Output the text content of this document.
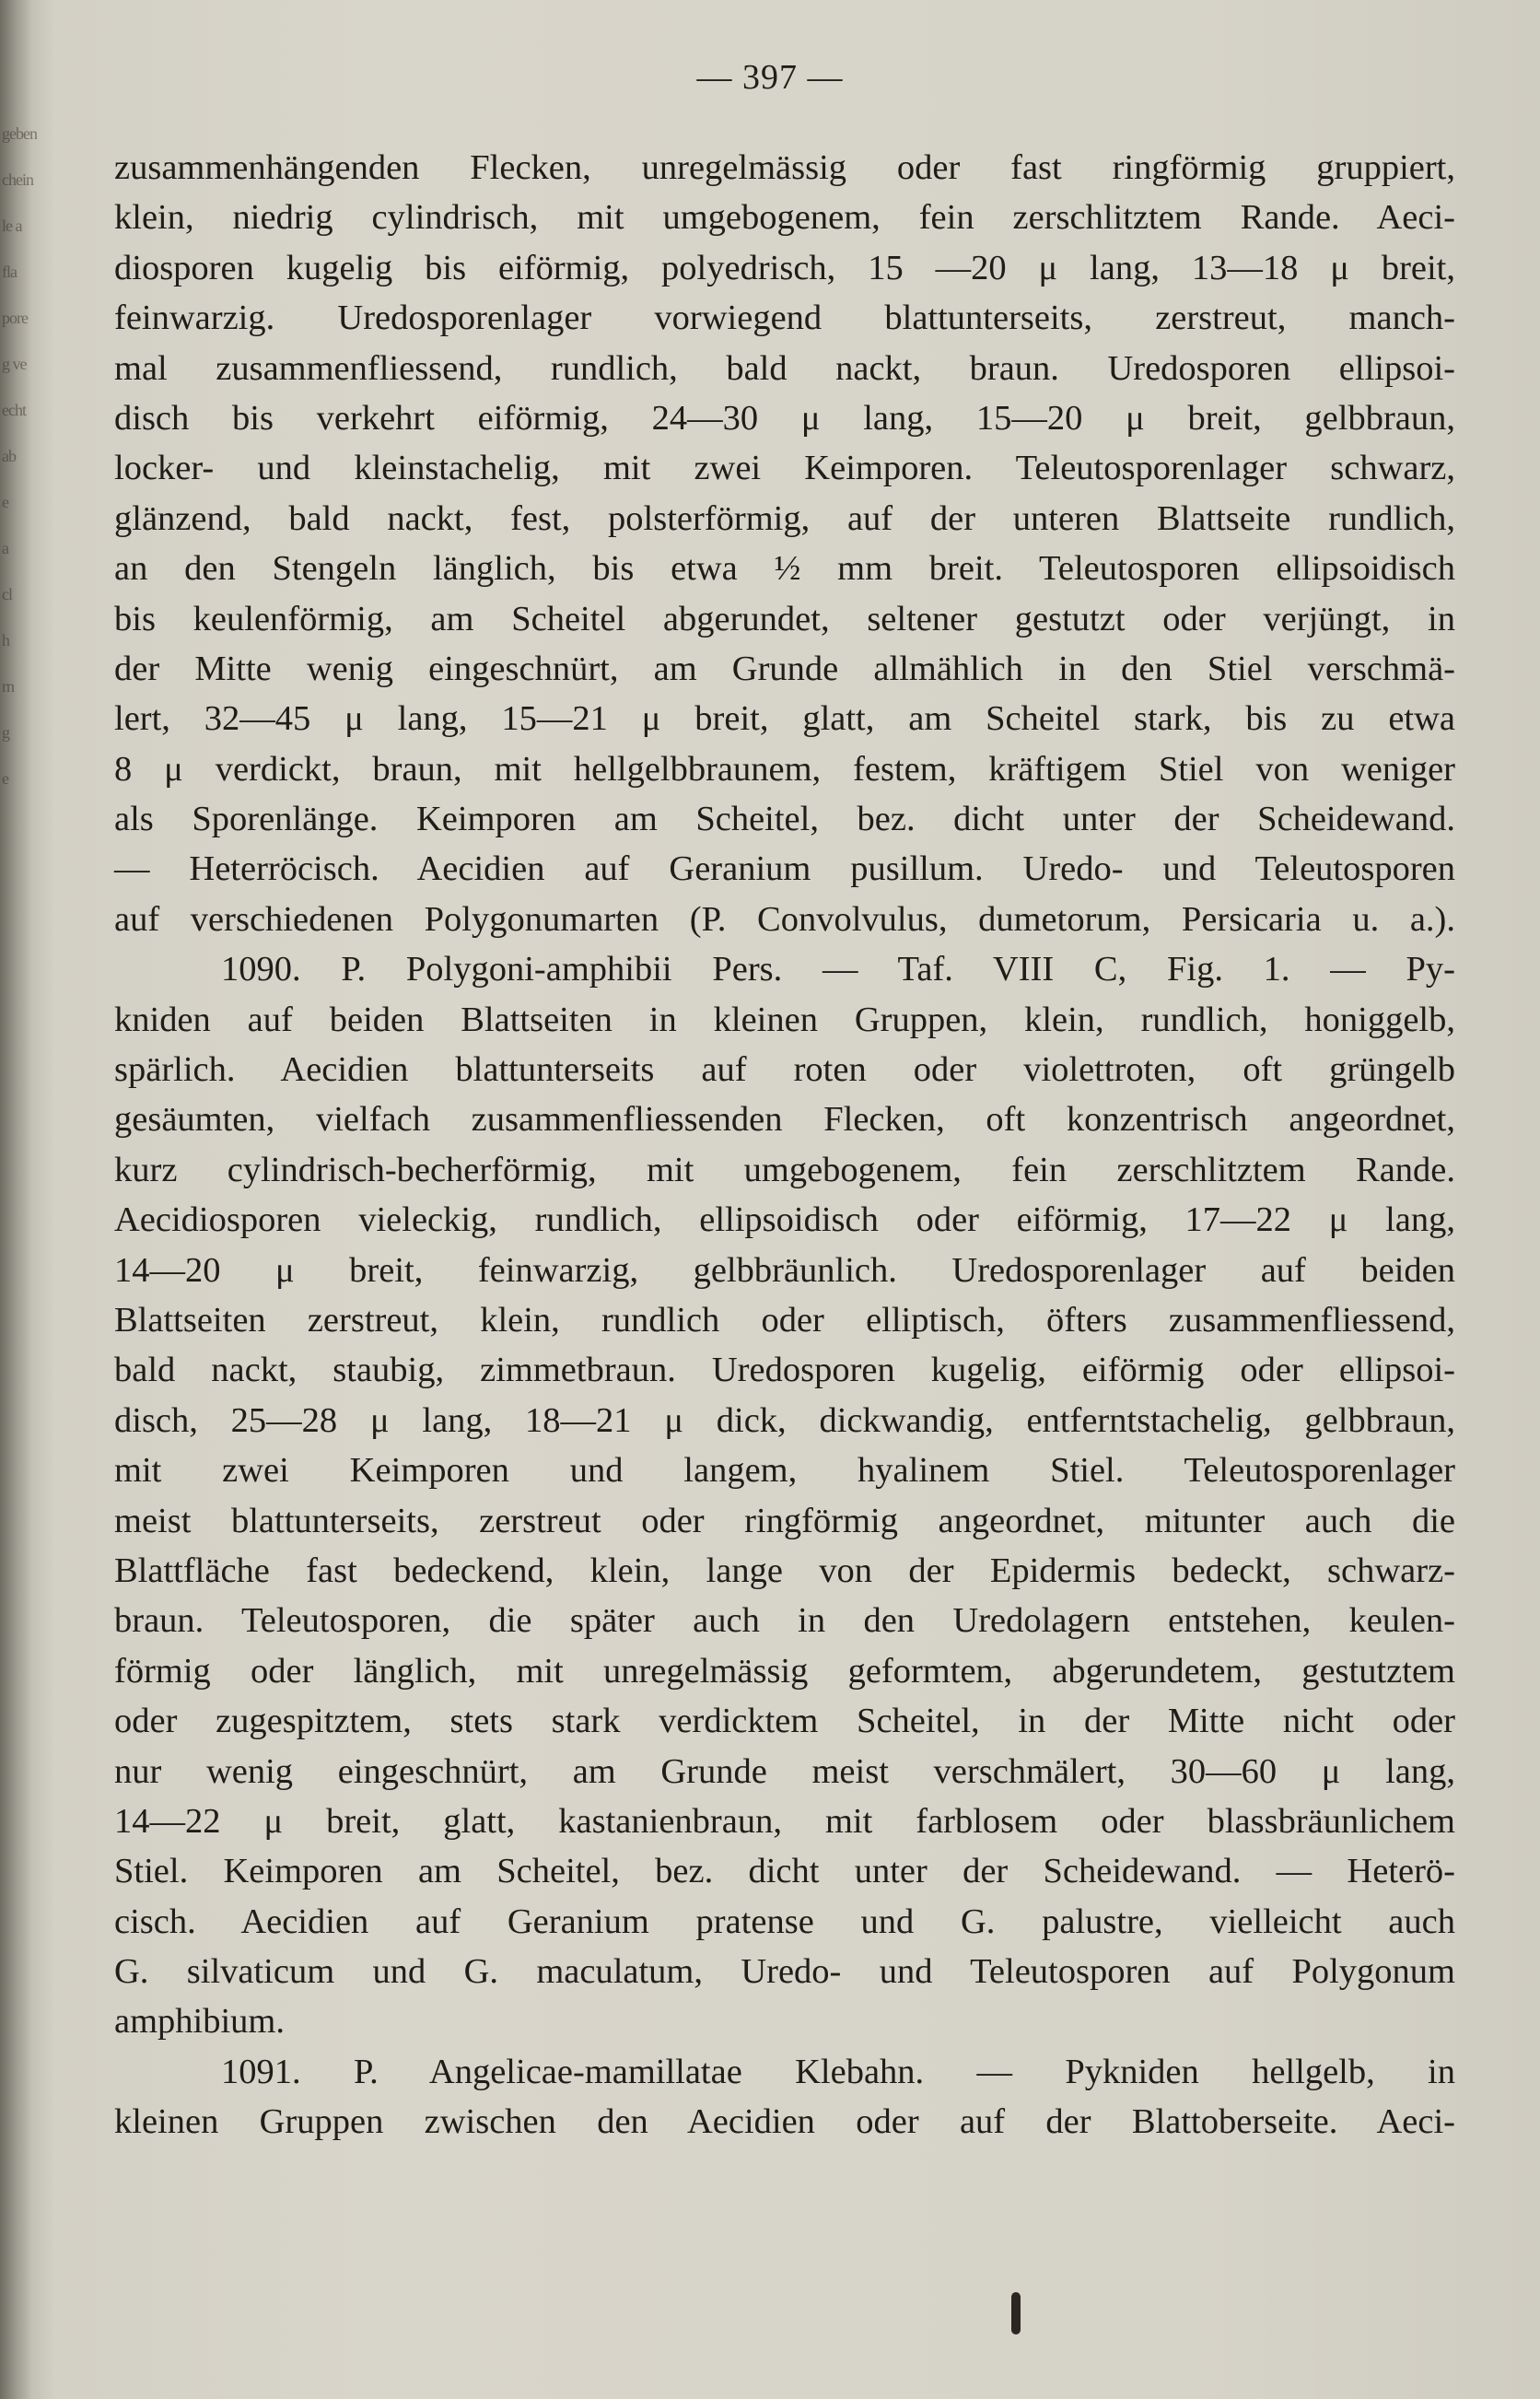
geben
chein
le a
fla
pore
g ve
echt
ab
e
a
cl
h
rn
g
e
— 397 —
zusammenhängenden Flecken, unregelmässig oder fast ringförmig gruppiert,
klein, niedrig cylindrisch, mit umgebogenem, fein zerschlitztem Rande. Aeci-
diosporen kugelig bis eiförmig, polyedrisch, 15 —20 μ lang, 13—18 μ breit,
feinwarzig. Uredosporenlager vorwiegend blattunterseits, zerstreut, manch-
mal zusammenfliessend, rundlich, bald nackt, braun. Uredosporen ellipsoi-
disch bis verkehrt eiförmig, 24—30 μ lang, 15—20 μ breit, gelbbraun,
locker- und kleinstachelig, mit zwei Keimporen. Teleutosporenlager schwarz,
glänzend, bald nackt, fest, polsterförmig, auf der unteren Blattseite rundlich,
an den Stengeln länglich, bis etwa ½ mm breit. Teleutosporen ellipsoidisch
bis keulenförmig, am Scheitel abgerundet, seltener gestutzt oder verjüngt, in
der Mitte wenig eingeschnürt, am Grunde allmählich in den Stiel verschmä-
lert, 32—45 μ lang, 15—21 μ breit, glatt, am Scheitel stark, bis zu etwa
8 μ verdickt, braun, mit hellgelbbraunem, festem, kräftigem Stiel von weniger
als Sporenlänge. Keimporen am Scheitel, bez. dicht unter der Scheidewand.
— Heterröcisch. Aecidien auf Geranium pusillum. Uredo- und Teleutosporen
auf verschiedenen Polygonumarten (P. Convolvulus, dumetorum, Persicaria u. a.).
1090. P. Polygoni-amphibii Pers. — Taf. VIII C, Fig. 1. — Py-
kniden auf beiden Blattseiten in kleinen Gruppen, klein, rundlich, honiggelb,
spärlich. Aecidien blattunterseits auf roten oder violettroten, oft grüngelb
gesäumten, vielfach zusammenfliessenden Flecken, oft konzentrisch angeordnet,
kurz cylindrisch-becherförmig, mit umgebogenem, fein zerschlitztem Rande.
Aecidiosporen vieleckig, rundlich, ellipsoidisch oder eiförmig, 17—22 μ lang,
14—20 μ breit, feinwarzig, gelbbräunlich. Uredosporenlager auf beiden
Blattseiten zerstreut, klein, rundlich oder elliptisch, öfters zusammenfliessend,
bald nackt, staubig, zimmetbraun. Uredosporen kugelig, eiförmig oder ellipsoi-
disch, 25—28 μ lang, 18—21 μ dick, dickwandig, entferntstachelig, gelbbraun,
mit zwei Keimporen und langem, hyalinem Stiel. Teleutosporenlager
meist blattunterseits, zerstreut oder ringförmig angeordnet, mitunter auch die
Blattfläche fast bedeckend, klein, lange von der Epidermis bedeckt, schwarz-
braun. Teleutosporen, die später auch in den Uredolagern entstehen, keulen-
förmig oder länglich, mit unregelmässig geformtem, abgerundetem, gestutztem
oder zugespitztem, stets stark verdicktem Scheitel, in der Mitte nicht oder
nur wenig eingeschnürt, am Grunde meist verschmälert, 30—60 μ lang,
14—22 μ breit, glatt, kastanienbraun, mit farblosem oder blassbräunlichem
Stiel. Keimporen am Scheitel, bez. dicht unter der Scheidewand. — Heterö-
cisch. Aecidien auf Geranium pratense und G. palustre, vielleicht auch
G. silvaticum und G. maculatum, Uredo- und Teleutosporen auf Polygonum
amphibium.
1091. P. Angelicae-mamillatae Klebahn. — Pykniden hellgelb, in
kleinen Gruppen zwischen den Aecidien oder auf der Blattoberseite. Aeci-
